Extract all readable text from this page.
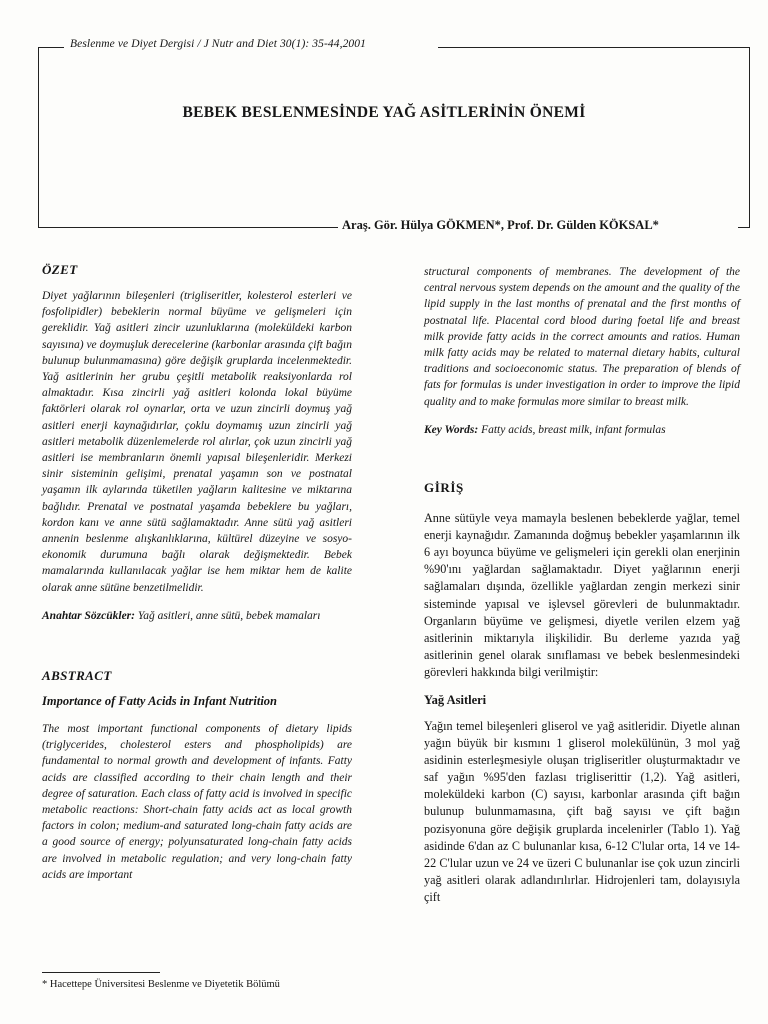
Beslenme ve Diyet Dergisi / J Nutr and Diet 30(1): 35-44,2001
BEBEK BESLENMESİNDE YAĞ ASİTLERİNİN ÖNEMİ
Araş. Gör. Hülya GÖKMEN*, Prof. Dr. Gülden KÖKSAL*
ÖZET

Diyet yağlarının bileşenleri (trigliseritler, kolesterol esterleri ve fosfolipidler) bebeklerin normal büyüme ve gelişmeleri için gereklidir. Yağ asitleri zincir uzunluklarına (moleküldeki karbon sayısına) ve doymuşluk derecelerine (karbonlar arasında çift bağın bulunup bulunmamasına) göre değişik gruplarda incelenmektedir. Yağ asitlerinin her grubu çeşitli metabolik reaksiyonlarda rol almaktadır. Kısa zincirli yağ asitleri kolonda lokal büyüme faktörleri olarak rol oynarlar, orta ve uzun zincirli doymuş yağ asitleri enerji kaynağıdırlar, çoklu doymamış uzun zincirli yağ asitleri metabolik düzenlemelerde rol alırlar, çok uzun zincirli yağ asitleri ise membranların önemli yapısal bileşenleridir. Merkezi sinir sisteminin gelişimi, prenatal yaşamın son ve postnatal yaşamın ilk aylarında tüketilen yağların kalitesine ve miktarına bağlıdır. Prenatal ve postnatal yaşamda bebeklere bu yağları, kordon kanı ve anne sütü sağlamaktadır. Anne sütü yağ asitleri annenin beslenme alışkanlıklarına, kültürel düzeyine ve sosyo-ekonomik durumuna bağlı olarak değişmektedir. Bebek mamalarında kullanılacak yağlar ise hem miktar hem de kalite olarak anne sütüne benzetilmelidir.

Anahtar Sözcükler: Yağ asitleri, anne sütü, bebek mamaları

ABSTRACT
Importance of Fatty Acids in Infant Nutrition

The most important functional components of dietary lipids (triglycerides, cholesterol esters and phospholipids) are fundamental to normal growth and development of infants. Fatty acids are classified according to their chain length and their degree of saturation. Each class of fatty acid is involved in specific metabolic reactions: Short-chain fatty acids act as local growth factors in colon; medium-and saturated long-chain fatty acids are a good source of energy; polyunsaturated long-chain fatty acids are involved in metabolic regulation; and very long-chain fatty acids are important

structural components of membranes. The development of the central nervous system depends on the amount and the quality of the lipid supply in the last months of prenatal and the first months of postnatal life. Placental cord blood during foetal life and breast milk provide fatty acids in the correct amounts and ratios. Human milk fatty acids may be related to maternal dietary habits, cultural traditions and socioeconomic status. The preparation of blends of fats for formulas is under investigation in order to improve the lipid quality and to make formulas more similar to breast milk.

Key Words: Fatty acids, breast milk, infant formulas

GİRİŞ

Anne sütüyle veya mamayla beslenen bebeklerde yağlar, temel enerji kaynağıdır. Zamanında doğmuş bebekler yaşamlarının ilk 6 ayı boyunca büyüme ve gelişmeleri için gerekli olan enerjinin %90'ını yağlardan sağlamaktadır. Diyet yağlarının enerji sağlamaları dışında, özellikle yağlardan zengin merkezi sinir sisteminde yapısal ve işlevsel görevleri de bulunmaktadır. Organların büyüme ve gelişmesi, diyetle verilen elzem yağ asitlerinin miktarıyla ilişkilidir. Bu derleme yazıda yağ asitlerinin genel olarak sınıflaması ve bebek beslenmesindeki görevleri hakkında bilgi verilmiştir:

Yağ Asitleri

Yağın temel bileşenleri gliserol ve yağ asitleridir. Diyetle alınan yağın büyük bir kısmını 1 gliserol molekülünün, 3 mol yağ asidinin esterleşmesiyle oluşan trigliseritler oluşturmaktadır ve saf yağın %95'den fazlası trigliserittir (1,2). Yağ asitleri, moleküldeki karbon (C) sayısı, karbonlar arasında çift bağın bulunup bulunmamasına, çift bağ sayısı ve çift bağın pozisyonuna göre değişik gruplarda incelenirler (Tablo 1). Yağ asidinde 6'dan az C bulunanlar kısa, 6-12 C'lular orta, 14 ve 14-22 C'lular uzun ve 24 ve üzeri C bulunanlar ise çok uzun zincirli yağ asitleri olarak adlandırılırlar. Hidrojenleri tam, dolayısıyla çift

* Hacettepe Üniversitesi Beslenme ve Diyetetik Bölümü
